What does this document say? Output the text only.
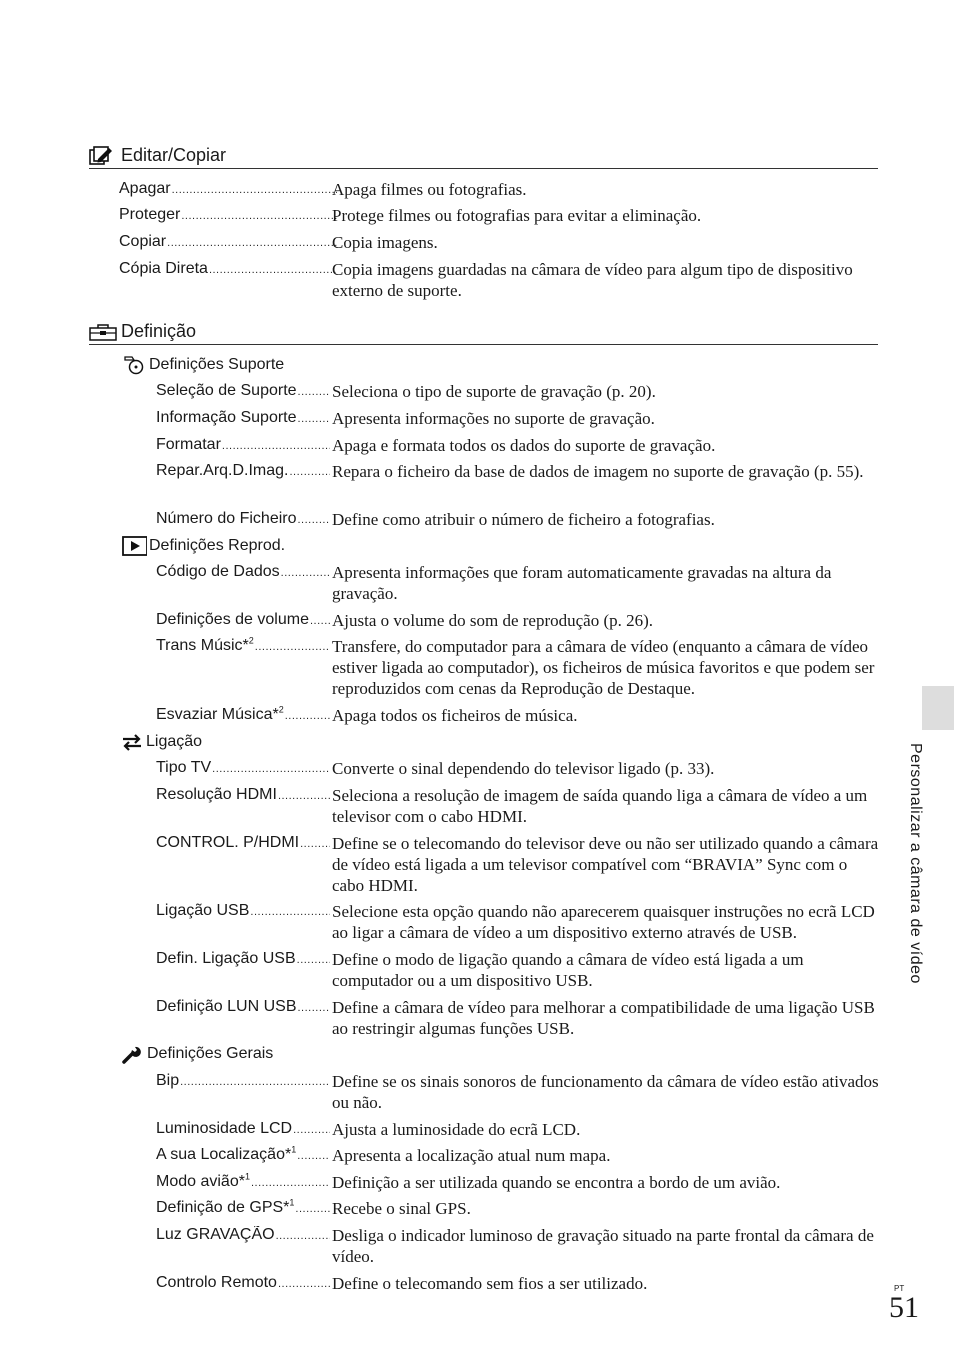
Editar/Copiar
Apagar .....	Apaga filmes ou fotografias.
Proteger .....	Protege filmes ou fotografias para evitar a eliminação.
Copiar .....	Copia imagens.
Cópia Direta .....	Copia imagens guardadas na câmara de vídeo para algum tipo de dispositivo externo de suporte.
Definição
Definições Suporte
Seleção de Suporte ..... Seleciona o tipo de suporte de gravação (p. 20).
Informação Suporte ..... Apresenta informações no suporte de gravação.
Formatar .....	Apaga e formata todos os dados do suporte de gravação.
Repar.Arq.D.Imag. .....	Repara o ficheiro da base de dados de imagem no suporte de gravação (p. 55).
Número do Ficheiro ..... Define como atribuir o número de ficheiro a fotografias.
Definições Reprod.
Código de Dados .....	Apresenta informações que foram automaticamente gravadas na altura da gravação.
Definições de volume ..... Ajusta o volume do som de reprodução (p. 26).
Trans Músic*$^2$ .....	Transfere, do computador para a câmara de vídeo (enquanto a câmara de vídeo estiver ligada ao computador), os ficheiros de música favoritos e que podem ser reproduzidos com cenas da Reprodução de Destaque.
Esvaziar Música*$^2$ .....	Apaga todos os ficheiros de música.
Ligação
Tipo TV .....	Converte o sinal dependendo do televisor ligado (p. 33).
Resolução HDMI .....	Seleciona a resolução de imagem de saída quando liga a câmara de vídeo a um televisor com o cabo HDMI.
CONTROL. P/HDMI ..... Define se o telecomando do televisor deve ou não ser utilizado quando a câmara de vídeo está ligada a um televisor compatível com “BRAVIA” Sync com o cabo HDMI.
Ligação USB .....	Selecione esta opção quando não aparecerem quaisquer instruções no ecrã LCD ao ligar a câmara de vídeo a um dispositivo externo através de USB.
Defin. Ligação USB ..... Define o modo de ligação quando a câmara de vídeo está ligada a um computador ou a um dispositivo USB.
Definição LUN USB ..... Define a câmara de vídeo para melhorar a compatibilidade de uma ligação USB ao restringir algumas funções USB.
Definições Gerais
Bip .....	Define se os sinais sonoros de funcionamento da câmara de vídeo estão ativados ou não.
Luminosidade LCD ..... Ajusta a luminosidade do ecrã LCD.
A sua Localização*$^1$ ..... Apresenta a localização atual num mapa.
Modo avião*$^1$ .....	Definição a ser utilizada quando se encontra a bordo de um avião.
Definição de GPS*$^1$ ..... Recebe o sinal GPS.
Luz GRAVAÇÃO .....	Desliga o indicador luminoso de gravação situado na parte frontal da câmara de vídeo.
Controlo Remoto .....	Define o telecomando sem fios a ser utilizado.
Personalizar a câmara de vídeo
PT
51
